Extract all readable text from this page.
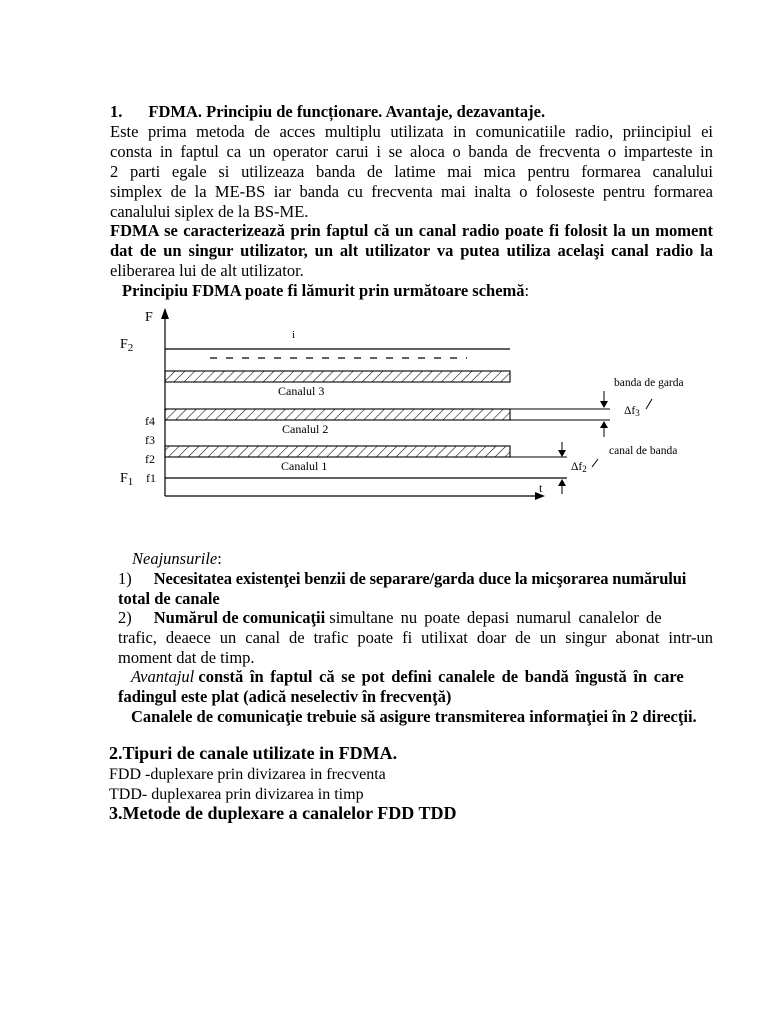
1. FDMA. Principiu de funcționare. Avantaje, dezavantaje.
Este prima metoda de acces multiplu utilizata in comunicatiile radio, priincipiul ei
consta in faptul ca un operator carui i se aloca o banda de frecventa o imparteste in
2 parti egale si utilizeaza banda de latime mai mica pentru formarea canalului
simplex de la ME-BS iar banda cu frecventa mai inalta o foloseste pentru formarea
canalului siplex de la BS-ME.
FDMA se caracterizează prin faptul că un canal radio poate fi folosit la un moment
dat de un singur utilizator, un alt utilizator va putea utiliza acelaşi canal radio la
eliberarea lui de alt utilizator.
Principiu FDMA poate fi lămurit prin următoare schemă:
F
t
$F_2$
$F_1$ f1
f2
f3
f4
i
Canalul 3
Canalul 2
Canalul 1
banda de garda
Δf3
canal de banda
Δf2
Neajunsurile:
1) Necesitatea existenţei benzii de separare/garda duce la micşorarea numărului
total de canale
2) Numărul de comunicaţii simultane nu poate depasi numarul canalelor de
trafic, deaece un canal de trafic poate fi utilixat doar de un singur abonat intr-un
moment dat de timp.
Avantajul constă în faptul că se pot defini canalele de bandă îngustă în care
fadingul este plat (adică neselectiv în frecvenţă)
Canalele de comunicaţie trebuie să asigure transmiterea informaţiei în 2 direcţii.
2.Tipuri de canale utilizate in FDMA.
FDD -duplexare prin divizarea in frecventa
TDD- duplexarea prin divizarea in timp
3.Metode de duplexare a canalelor FDD TDD
